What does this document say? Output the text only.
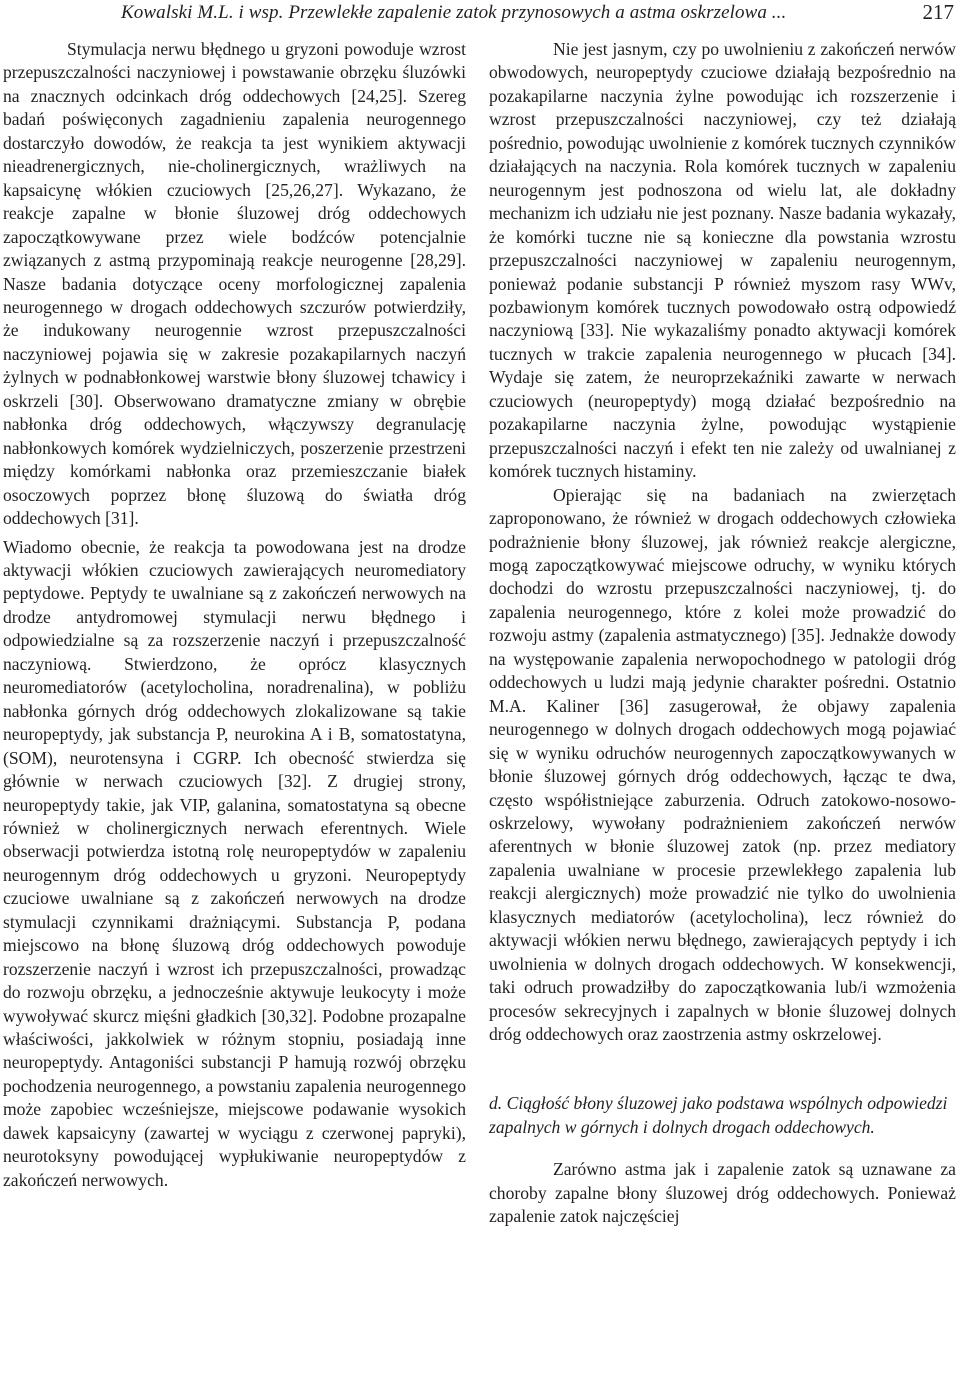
Kowalski M.L. i wsp. Przewlekłe zapalenie zatok przynosowych a astma oskrzelowa ...	217

Stymulacja nerwu błędnego u gryzoni powoduje wzrost przepuszczalności naczyniowej i powstawanie obrzęku śluzówki na znacznych odcinkach dróg oddechowych [24,25]. Szereg badań poświęconych zagadnieniu zapalenia neurogennego dostarczyło dowodów, że reakcja ta jest wynikiem aktywacji nieadrenergicznych, nie-cholinergicznych, wrażliwych na kapsaicynę włókien czuciowych [25,26,27]. Wykazano, że reakcje zapalne w błonie śluzowej dróg oddechowych zapoczątkowywane przez wiele bodźców potencjalnie związanych z astmą przypominają reakcje neurogenne [28,29]. Nasze badania dotyczące oceny morfologicznej zapalenia neurogennego w drogach oddechowych szczurów potwierdziły, że indukowany neurogennie wzrost przepuszczalności naczyniowej pojawia się w zakresie pozakapilarnych naczyń żylnych w podnabłonkowej warstwie błony śluzowej tchawicy i oskrzeli [30]. Obserwowano dramatyczne zmiany w obrębie nabłonka dróg oddechowych, włączywszy degranulację nabłonkowych komórek wydzielniczych, poszerzenie przestrzeni między komórkami nabłonka oraz przemieszczanie białek osoczowych poprzez błonę śluzową do światła dróg oddechowych [31].

Wiadomo obecnie, że reakcja ta powodowana jest na drodze aktywacji włókien czuciowych zawierających neuromediatory peptydowe. Peptydy te uwalniane są z zakończeń nerwowych na drodze antydromowej stymulacji nerwu błędnego i odpowiedzialne są za rozszerzenie naczyń i przepuszczalność naczyniową. Stwierdzono, że oprócz klasycznych neuromediatorów (acetylocholina, noradrenalina), w pobliżu nabłonka górnych dróg oddechowych zlokalizowane są takie neuropeptydy, jak substancja P, neurokina A i B, somatostatyna, (SOM), neurotensyna i CGRP. Ich obecność stwierdza się głównie w nerwach czuciowych [32]. Z drugiej strony, neuropeptydy takie, jak VIP, galanina, somatostatyna są obecne również w cholinergicznych nerwach eferentnych. Wiele obserwacji potwierdza istotną rolę neuropeptydów w zapaleniu neurogennym dróg oddechowych u gryzoni. Neuropeptydy czuciowe uwalniane są z zakończeń nerwowych na drodze stymulacji czynnikami drażniącymi. Substancja P, podana miejscowo na błonę śluzową dróg oddechowych powoduje rozszerzenie naczyń i wzrost ich przepuszczalności, prowadząc do rozwoju obrzęku, a jednocześnie aktywuje leukocyty i może wywoływać skurcz mięśni gładkich [30,32]. Podobne prozapalne właściwości, jakkolwiek w różnym stopniu, posiadają inne neuropeptydy. Antagoniści substancji P hamują rozwój obrzęku pochodzenia neurogennego, a powstaniu zapalenia neurogennego może zapobiec wcześniejsze, miejscowe podawanie wysokich dawek kapsaicyny (zawartej w wyciągu z czerwonej papryki), neurotoksyny powodującej wypłukiwanie neuropeptydów z zakończeń nerwowych.

Nie jest jasnym, czy po uwolnieniu z zakończeń nerwów obwodowych, neuropeptydy czuciowe działają bezpośrednio na pozakapilarne naczynia żylne powodując ich rozszerzenie i wzrost przepuszczalności naczyniowej, czy też działają pośrednio, powodując uwolnienie z komórek tucznych czynników działających na naczynia. Rola komórek tucznych w zapaleniu neurogennym jest podnoszona od wielu lat, ale dokładny mechanizm ich udziału nie jest poznany. Nasze badania wykazały, że komórki tuczne nie są konieczne dla powstania wzrostu przepuszczalności naczyniowej w zapaleniu neurogennym, ponieważ podanie substancji P również myszom rasy WWv, pozbawionym komórek tucznych powodowało ostrą odpowiedź naczyniową [33]. Nie wykazaliśmy ponadto aktywacji komórek tucznych w trakcie zapalenia neurogennego w płucach [34]. Wydaje się zatem, że neuroprzekaźniki zawarte w nerwach czuciowych (neuropeptydy) mogą działać bezpośrednio na pozakapilarne naczynia żylne, powodując wystąpienie przepuszczalności naczyń i efekt ten nie zależy od uwalnianej z komórek tucznych histaminy.

Opierając się na badaniach na zwierzętach zaproponowano, że również w drogach oddechowych człowieka podrażnienie błony śluzowej, jak również reakcje alergiczne, mogą zapoczątkowywać miejscowe odruchy, w wyniku których dochodzi do wzrostu przepuszczalności naczyniowej, tj. do zapalenia neurogennego, które z kolei może prowadzić do rozwoju astmy (zapalenia astmatycznego) [35]. Jednakże dowody na występowanie zapalenia nerwopochodnego w patologii dróg oddechowych u ludzi mają jedynie charakter pośredni. Ostatnio M.A. Kaliner [36] zasugerował, że objawy zapalenia neurogennego w dolnych drogach oddechowych mogą pojawiać się w wyniku odruchów neurogennych zapoczątkowywanych w błonie śluzowej górnych dróg oddechowych, łącząc te dwa, często współistniejące zaburzenia. Odruch zatokowo-nosowo-oskrzelowy, wywołany podrażnieniem zakończeń nerwów aferentnych w błonie śluzowej zatok (np. przez mediatory zapalenia uwalniane w procesie przewlekłego zapalenia lub reakcji alergicznych) może prowadzić nie tylko do uwolnienia klasycznych mediatorów (acetylocholina), lecz również do aktywacji włókien nerwu błędnego, zawierających peptydy i ich uwolnienia w dolnych drogach oddechowych. W konsekwencji, taki odruch prowadziłby do zapoczątkowania lub/i wzmożenia procesów sekrecyjnych i zapalnych w błonie śluzowej dolnych dróg oddechowych oraz zaostrzenia astmy oskrzelowej.

d. Ciągłość błony śluzowej jako podstawa wspólnych odpowiedzi zapalnych w górnych i dolnych drogach oddechowych.

Zarówno astma jak i zapalenie zatok są uznawane za choroby zapalne błony śluzowej dróg oddechowych. Ponieważ zapalenie zatok najczęściej
